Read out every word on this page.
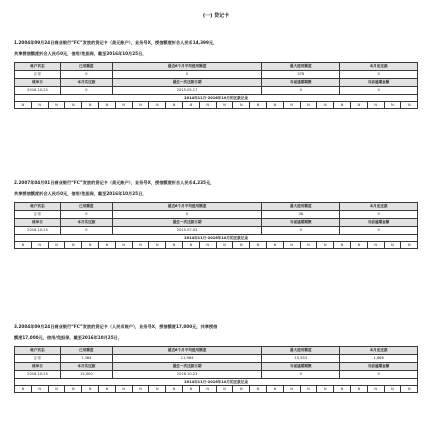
(一) 贷记卡
1.2004年09月24日商业银行“FC”发放的贷记卡（美元账户），业务号X，授信额度折合人民币14,399元，
共享授信额度折合人民币0元，信用/免担保，截至2016年10月25日，
帐户状态	已用额度	最近6个月平均使用额度	最大使用额度	本月应还款
正常	0	0	378	0
账单日	本月实还款	最近一次还款日期	当前逾期期数	当前逾期金额
2016.10.25	0	2015.05.17	0	0
2014年11月-2016年10月的还款记录
N	N	N	N	N	N	N	N	N	N	N	N	N	N	N	N	N	N	N	N	N	N	N	N
2.2007年04月01日商业银行“FC”发放的贷记卡（美元账户），业务号X，授信额度折合人民币4,235元，
共享授信额度折合人民币0元，信用/免担保，截至2016年10月25日，
帐户状态	已用额度	最近6个月平均使用额度	最大使用额度	本月应还款
正常	0	0	36	0
账单日	本月实还款	最近一次还款日期	当前逾期期数	当前逾期金额
2016.10.25	0	2015.07.02	0	0
2014年11月-2016年10月的还款记录
N	N	N	N	N	N	N	N	N	N	N	N	N	N	N	N	N	N	N	N	N	N	N	N
3.2004年09月24日商业银行“FC”发放的贷记卡（人民币账户），业务号X，授信额度17,000元，共享授信
额度17,000元，信用/免担保，截至2016年10月25日，
帐户状态	已用额度	最近6个月平均使用额度	最大使用额度	本月应还款
正常	7,384	11,964	15,553	1,666
账单日	本月实还款	最近一次还款日期	当前逾期期数	当前逾期金额
2016.10.25	15,000	2016.10.23	0	0
2014年11月-2016年10月的还款记录
N	N	N	N	N	N	N	N	N	N	N	N	N	N	N	N	N	N	N	N	N	N	N	N
